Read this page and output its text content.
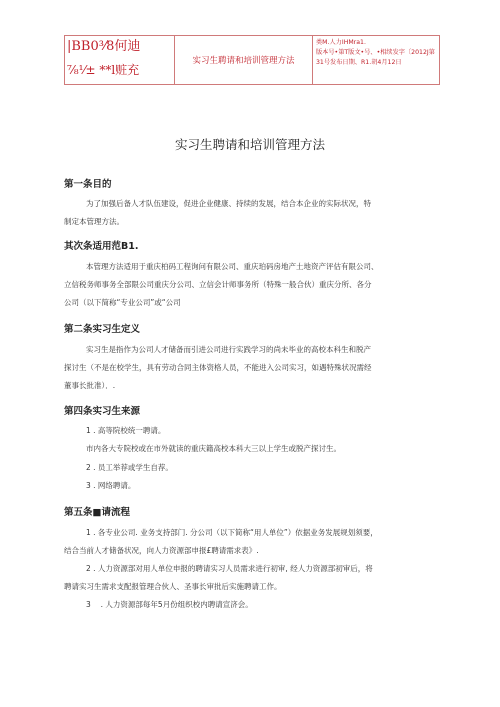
|BB0³⁄8何迪
⅞⅟± **l赃充
实习生聘请和培训管理方法
类M.人力IHMra1.
版本号•第T版文•号、•相续发字〔2012J第
31号发布日期、R1.胡4月12日
实习生聘请和培训管理方法
第一条目的
为了加强后备人才队伍建设，促进企业健康、持续的发展，结合本企业的实际状况，特
制定本管理方法。
其次条适用范B1.
本管理方法适用于重庆柏码工程询问有限公司、重庆珀码房地产土地资产评估有限公司、
立信税务师事务全部限公司重庆分公司、立信会计师事务所（特殊一般合伙）重庆分所、各分
公司（以下简称“专业公司”或“公司
第二条实习生定义
实习生是指作为公司人才储备而引进公司进行实践学习的尚未毕业的高校本科生和脱产
探讨生（不是在校学生，具有劳动合同主体资格人员，不能进入公司实习，如遇特殊状况需经
董事长批准）．.
第四条实习生来源
1 . 高等院校统一聘请。
市内各大专院校或在市外就读的重庆籍高校本科大三以上学生或脱产探讨生。
2 . 员工举荐或学生自荐。
3 . 网络聘请。
第五条■请流程
1 . 各专业公司. 业务支持部门. 分公司（以下简称“用人单位”）依据业务发展规划须要，
结合当前人才储备状况，向人力资源部申报£聘请需求表》.
2 . 人力资源部对用人单位申报的聘请实习人员需求进行初审, 经人力资源部初审后，将
聘请实习生需求支配报管理合伙人、圣事长审批后实施聘请工作。
3 　. 人力资源部每年5月份组织校内聘请宣济会。
